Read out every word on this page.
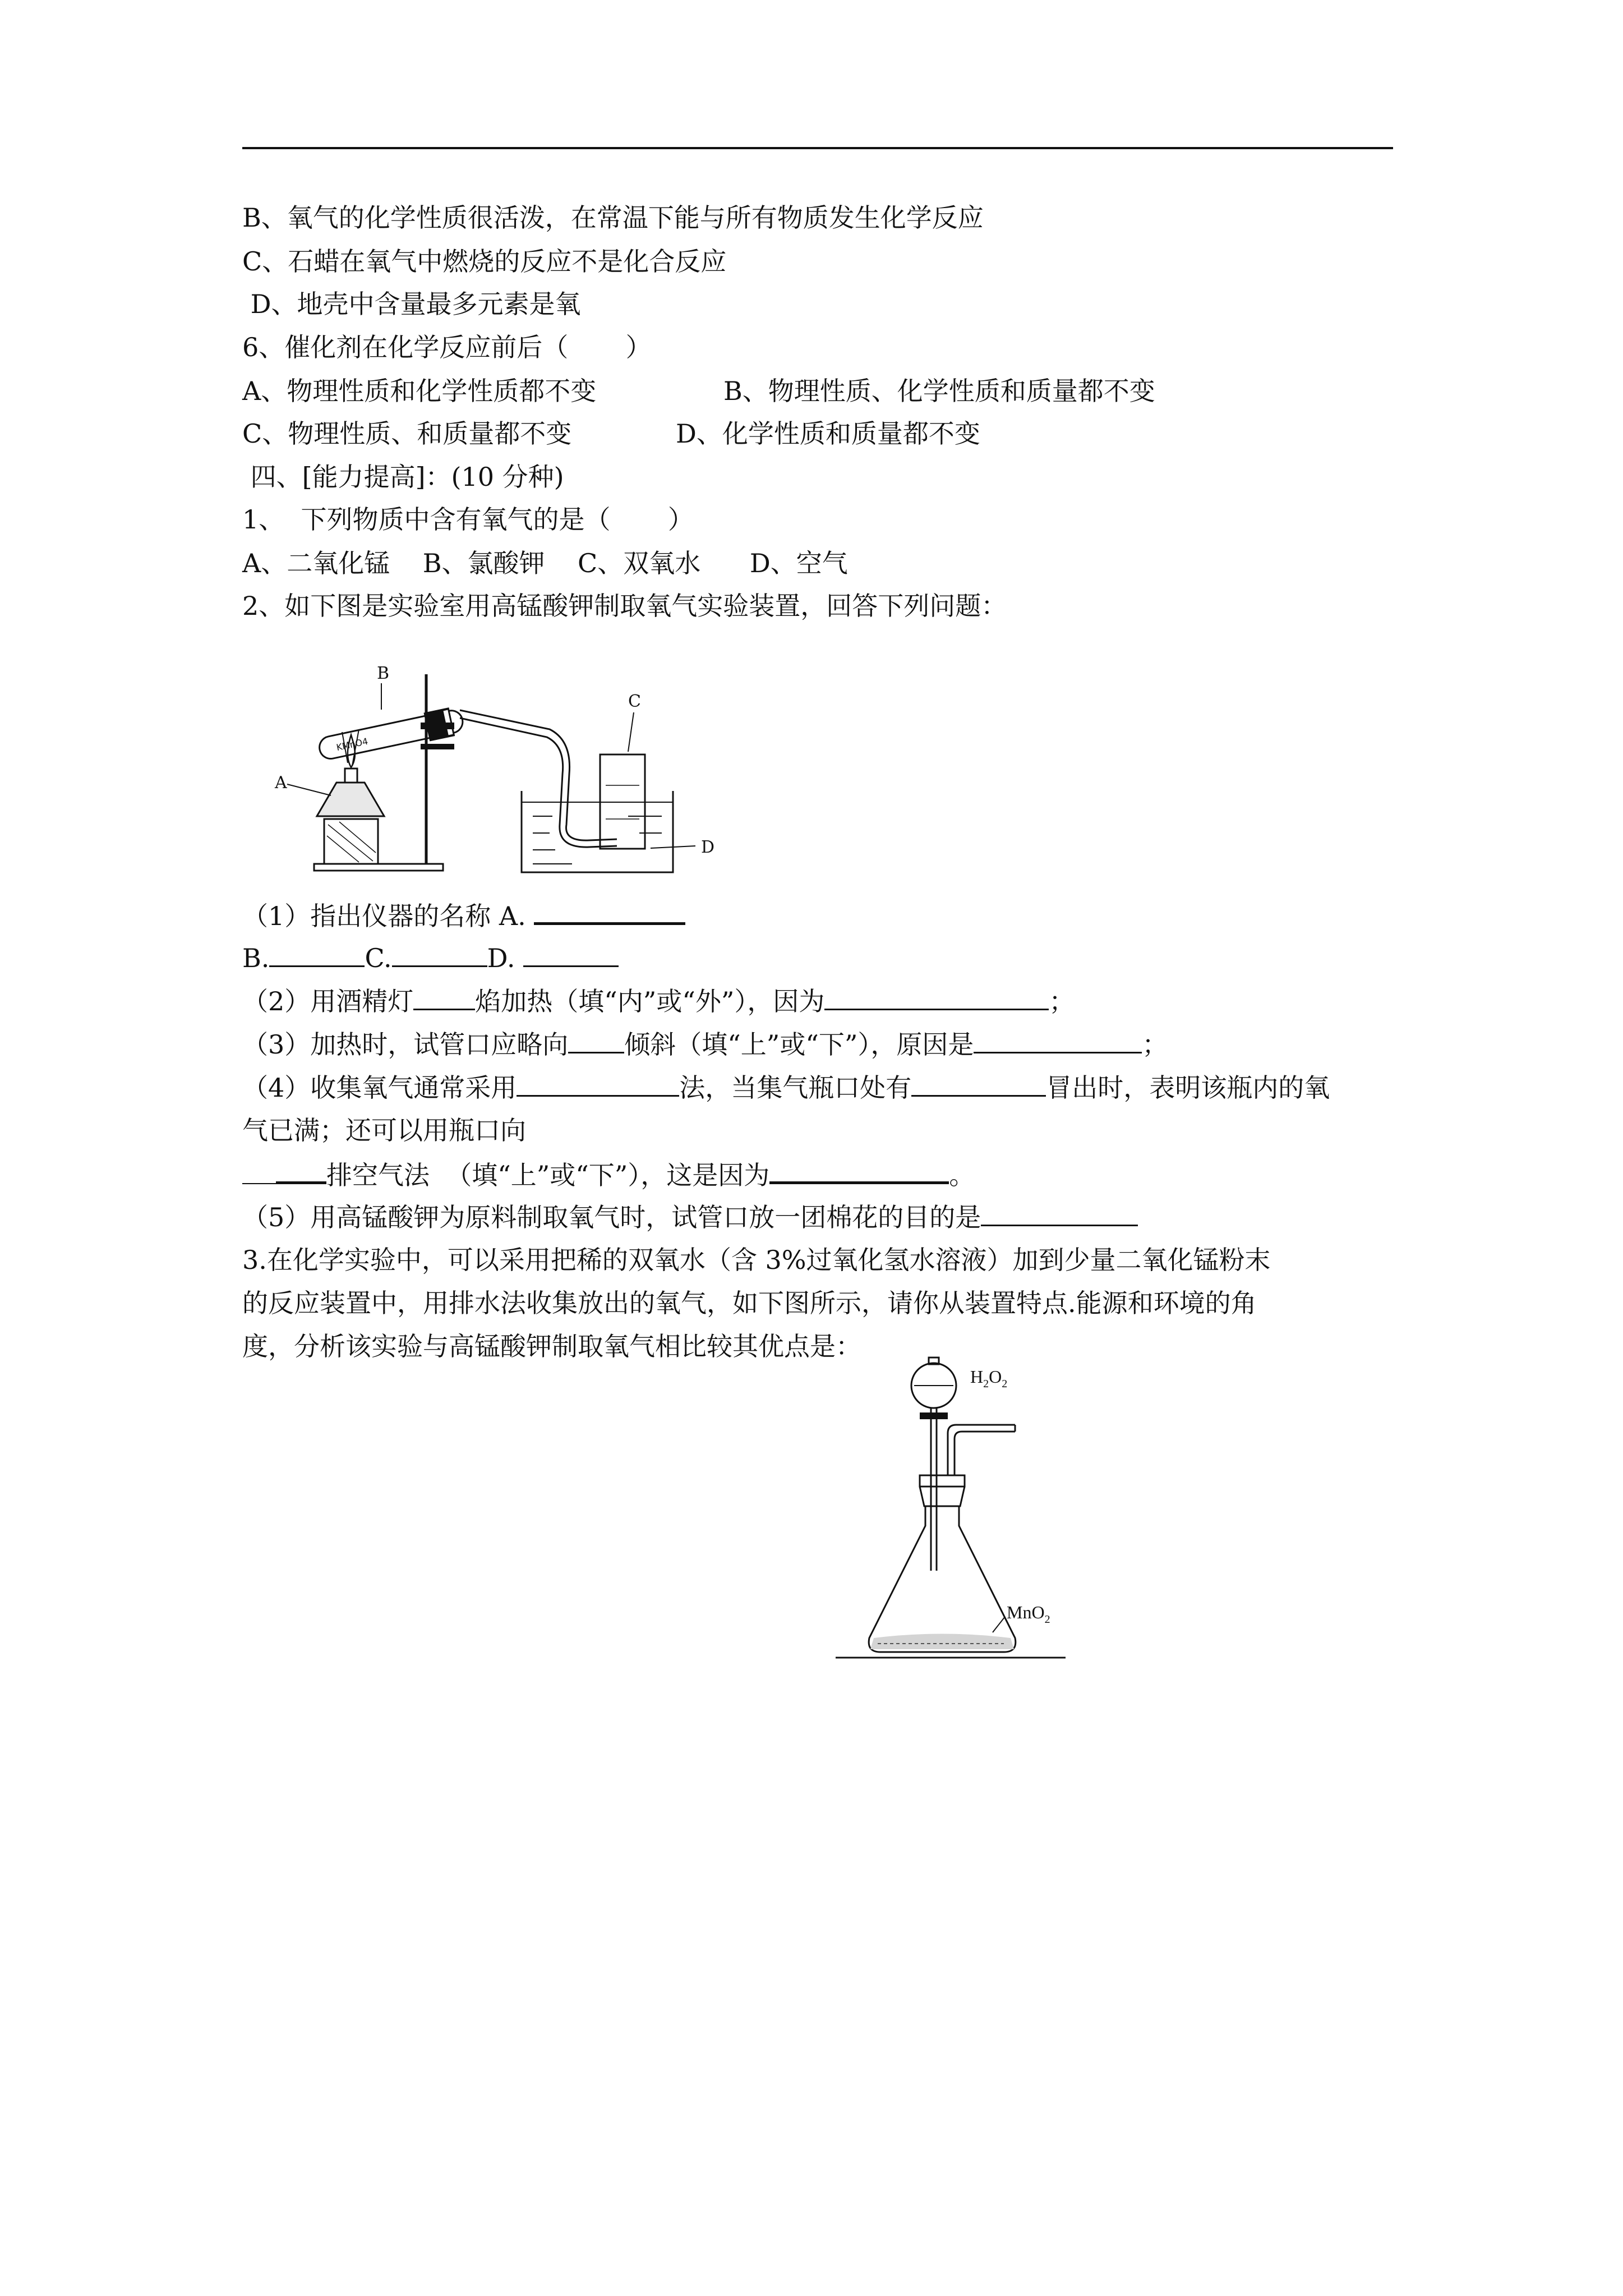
B、氧气的化学性质很活泼，在常温下能与所有物质发生化学反应
C、石蜡在氧气中燃烧的反应不是化合反应
D、地壳中含量最多元素是氧
6、催化剂在化学反应前后（       ）
A、物理性质和化学性质都不变	B、物理性质、化学性质和质量都不变
C、物理性质、和质量都不变	D、化学性质和质量都不变
四、[能力提高]：(10 分种)
1、  下列物质中含有氧气的是（       ）
A、二氧化锰    B、氯酸钾    C、双氧水      D、空气
2、如下图是实验室用高锰酸钾制取氧气实验装置，回答下列问题：
A
KMnO4
B
C
D
（1）指出仪器的名称 A.
B.	C.	D.
（2）用酒精灯 焰加热（填“内”或“外”），因为	；
（3）加热时，试管口应略向 倾斜（填“上”或“下”），原因是	；
（4）收集氧气通常采用	法，当集气瓶口处有	冒出时，表明该瓶内的氧
气已满；还可以用瓶口向
排空气法  （填“上”或“下”），这是因为	。
（5）用高锰酸钾为原料制取氧气时，试管口放一团棉花的目的是
3.在化学实验中，可以采用把稀的双氧水（含 3%过氧化氢水溶液）加到少量二氧化锰粉末
的反应装置中，用排水法收集放出的氧气，如下图所示，请你从装置特点.能源和环境的角
度，分析该实验与高锰酸钾制取氧气相比较其优点是：
$H_2O_2$
MnO$_2$
